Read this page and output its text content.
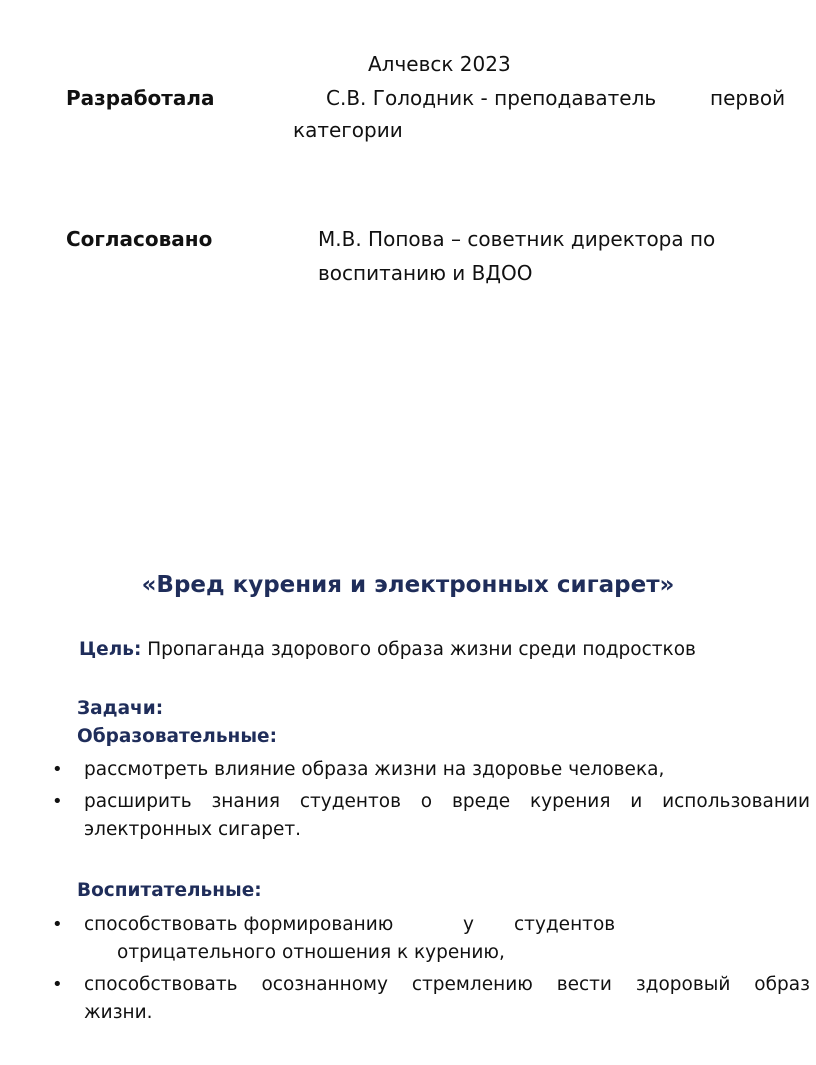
Алчевск 2023
Разработала	С.В. Голодник - преподаватель	первой
категории
Согласовано	М.В. Попова – советник директора по
воспитанию и ВДОО
«Вред курения и электронных сигарет»
Цель: Пропаганда здорового образа жизни среди подростков
Задачи:
Образовательные:
• рассмотреть влияние образа жизни на здоровье человека,
• расширить знания студентов о вреде курения и использовании
электронных сигарет.
Воспитательные:
• способствовать формированию	у студентов
отрицательного отношения к курению,
• способствовать осознанному стремлению вести здоровый образ
жизни.
